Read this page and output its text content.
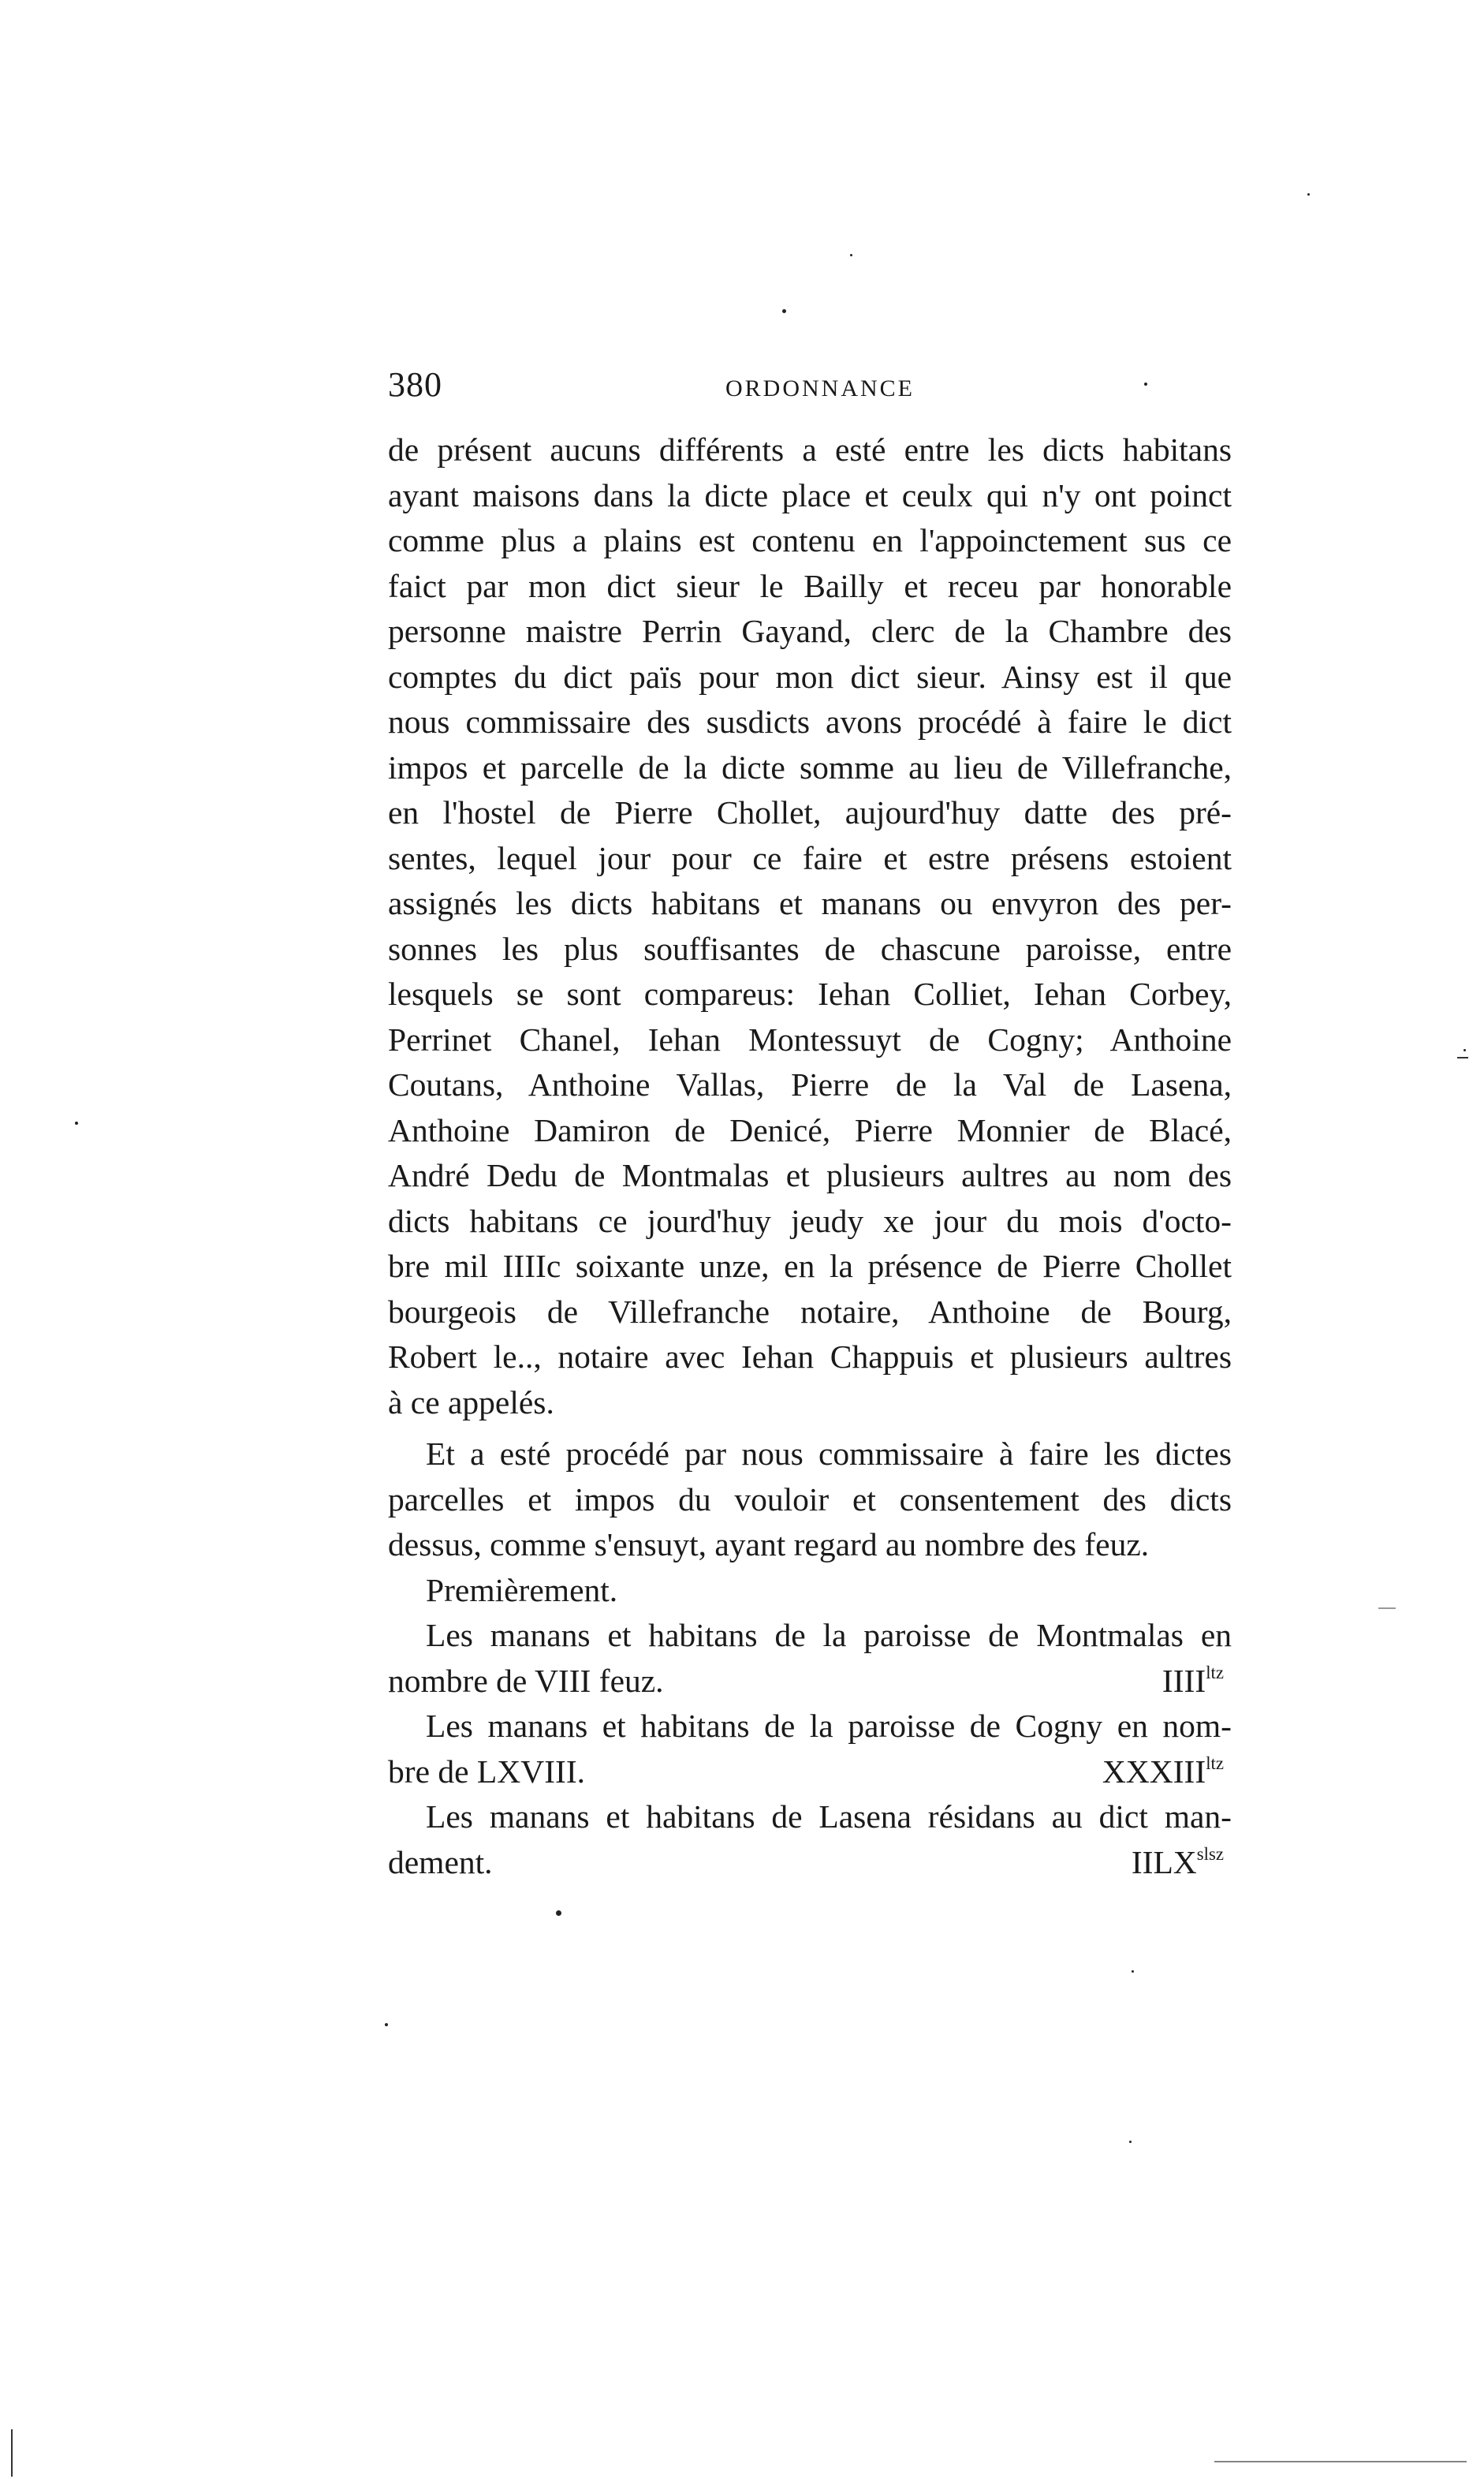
380	ORDONNANCE
de présent aucuns différents a esté entre les dicts habitans
ayant maisons dans la dicte place et ceulx qui n'y ont poinct
comme plus a plains est contenu en l'appoinctement sus ce
faict par mon dict sieur le Bailly et receu par honorable
personne maistre Perrin Gayand, clerc de la Chambre des
comptes du dict païs pour mon dict sieur. Ainsy est il que
nous commissaire des susdicts avons procédé à faire le dict
impos et parcelle de la dicte somme au lieu de Villefranche,
en l'hostel de Pierre Chollet, aujourd'huy datte des pré-
sentes, lequel jour pour ce faire et estre présens estoient
assignés les dicts habitans et manans ou envyron des per-
sonnes les plus souffisantes de chascune paroisse, entre
lesquels se sont compareus: Iehan Colliet, Iehan Corbey,
Perrinet Chanel, Iehan Montessuyt de Cogny; Anthoine
Coutans, Anthoine Vallas, Pierre de la Val de Lasena,
Anthoine Damiron de Denicé, Pierre Monnier de Blacé,
André Dedu de Montmalas et plusieurs aultres au nom des
dicts habitans ce jourd'huy jeudy xe jour du mois d'octo-
bre mil IIIIc soixante unze, en la présence de Pierre Chollet
bourgeois de Villefranche notaire, Anthoine de Bourg,
Robert le.., notaire avec Iehan Chappuis et plusieurs aultres
à ce appelés.
Et a esté procédé par nous commissaire à faire les dictes
parcelles et impos du vouloir et consentement des dicts
dessus, comme s'ensuyt, ayant regard au nombre des feuz.
Premièrement.
Les manans et habitans de la paroisse de Montmalas en
nombre de VIII feuz.	$IIII^{ltz}$
Les manans et habitans de la paroisse de Cogny en nom-
bre de LXVIII.	$XXXIII^{ltz}$
Les manans et habitans de Lasena résidans au dict man-
dement.	$IILX^{slsz}$
